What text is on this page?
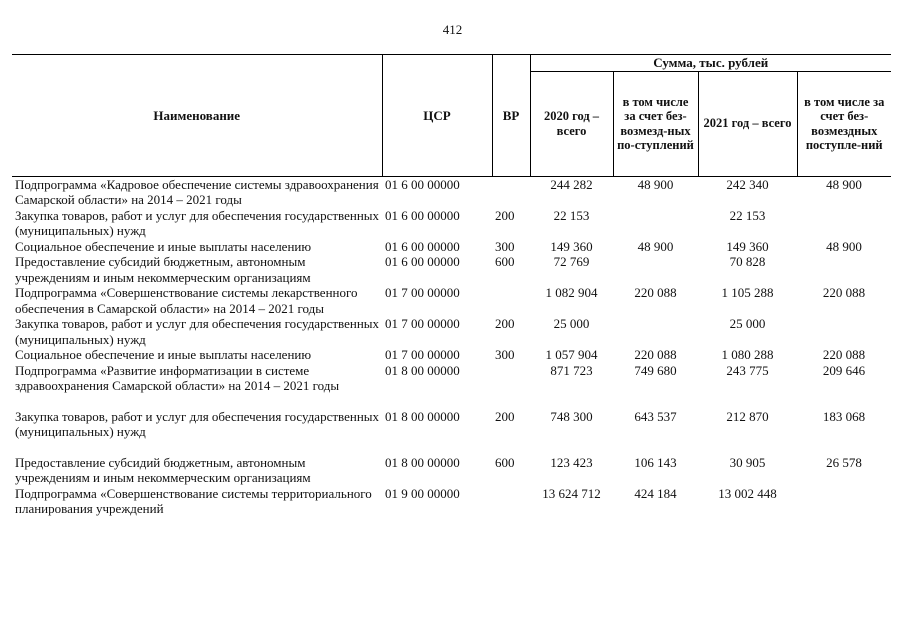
412
Наименование	ЦСР	ВР	Сумма, тыс. рублей			
			2020 год – всего	в том числе за счет без-возмезд-ных по-ступлений	2021 год – всего	в том числе за счет без-возмездных поступле-ний
Подпрограмма «Кадровое обеспечение системы здравоохранения Самарской области» на 2014 – 2021 годы	01 6 00 00000		244 282	48 900	242 340	48 900
Закупка товаров, работ и услуг для обеспечения государственных (муниципальных) нужд	01 6 00 00000	200	22 153		22 153	
Социальное обеспечение и иные выплаты населению	01 6 00 00000	300	149 360	48 900	149 360	48 900
Предоставление субсидий бюджетным, автономным учреждениям и иным некоммерческим организациям	01 6 00 00000	600	72 769		70 828	
Подпрограмма «Совершенствование системы лекарственного обеспечения в Самарской области» на 2014 – 2021 годы	01 7 00 00000		1 082 904	220 088	1 105 288	220 088
Закупка товаров, работ и услуг для обеспечения государственных (муниципальных) нужд	01 7 00 00000	200	25 000		25 000	
Социальное обеспечение и иные выплаты населению	01 7 00 00000	300	1 057 904	220 088	1 080 288	220 088
Подпрограмма «Развитие информатизации в системе здравоохранения Самарской области» на 2014 – 2021 годы	01 8 00 00000		871 723	749 680	243 775	209 646
Закупка товаров, работ и услуг для обеспечения государственных (муниципальных) нужд	01 8 00 00000	200	748 300	643 537	212 870	183 068
Предоставление субсидий бюджетным, автономным учреждениям и иным некоммерческим организациям	01 8 00 00000	600	123 423	106 143	30 905	26 578
Подпрограмма «Совершенствование системы территориального планирования учреждений	01 9 00 00000		13 624 712	424 184	13 002 448	
